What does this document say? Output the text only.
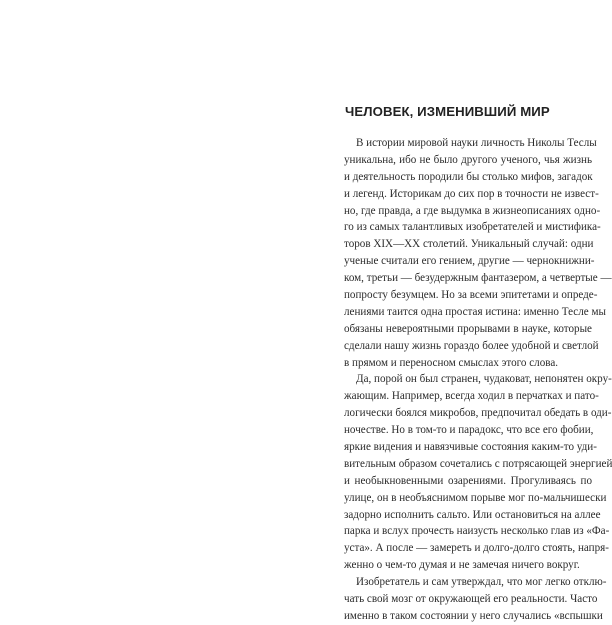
ЧЕЛОВЕК, ИЗМЕНИВШИЙ МИР
В истории мировой науки личность Николы Теслы
уникальна, ибо не было другого ученого, чья жизнь
и деятельность породили бы столько мифов, загадок
и легенд. Историкам до сих пор в точности не извест-
но, где правда, а где выдумка в жизнеописаниях одно-
го из самых талантливых изобретателей и мистифика-
торов XIX—XX столетий. Уникальный случай: одни
ученые считали его гением, другие — чернокнижни-
ком, третьи — безудержным фантазером, а четвертые —
попросту безумцем. Но за всеми эпитетами и опреде-
лениями таится одна простая истина: именно Тесле мы
обязаны невероятными прорывами в науке, которые
сделали нашу жизнь гораздо более удобной и светлой
в прямом и переносном смыслах этого слова.
Да, порой он был странен, чудаковат, непонятен окру-
жающим. Например, всегда ходил в перчатках и пато-
логически боялся микробов, предпочитал обедать в оди-
ночестве. Но в том-то и парадокс, что все его фобии,
яркие видения и навязчивые состояния каким-то уди-
вительным образом сочетались с потрясающей энергией
и необыкновенными озарениями. Прогуливаясь по
улице, он в необъяснимом порыве мог по-мальчишески
задорно исполнить сальто. Или остановиться на аллее
парка и вслух прочесть наизусть несколько глав из «Фа-
уста». А после — замереть и долго-долго стоять, напря-
женно о чем-то думая и не замечая ничего вокруг.
Изобретатель и сам утверждал, что мог легко отклю-
чать свой мозг от окружающей его реальности. Часто
именно в таком состоянии у него случались «вспышки
